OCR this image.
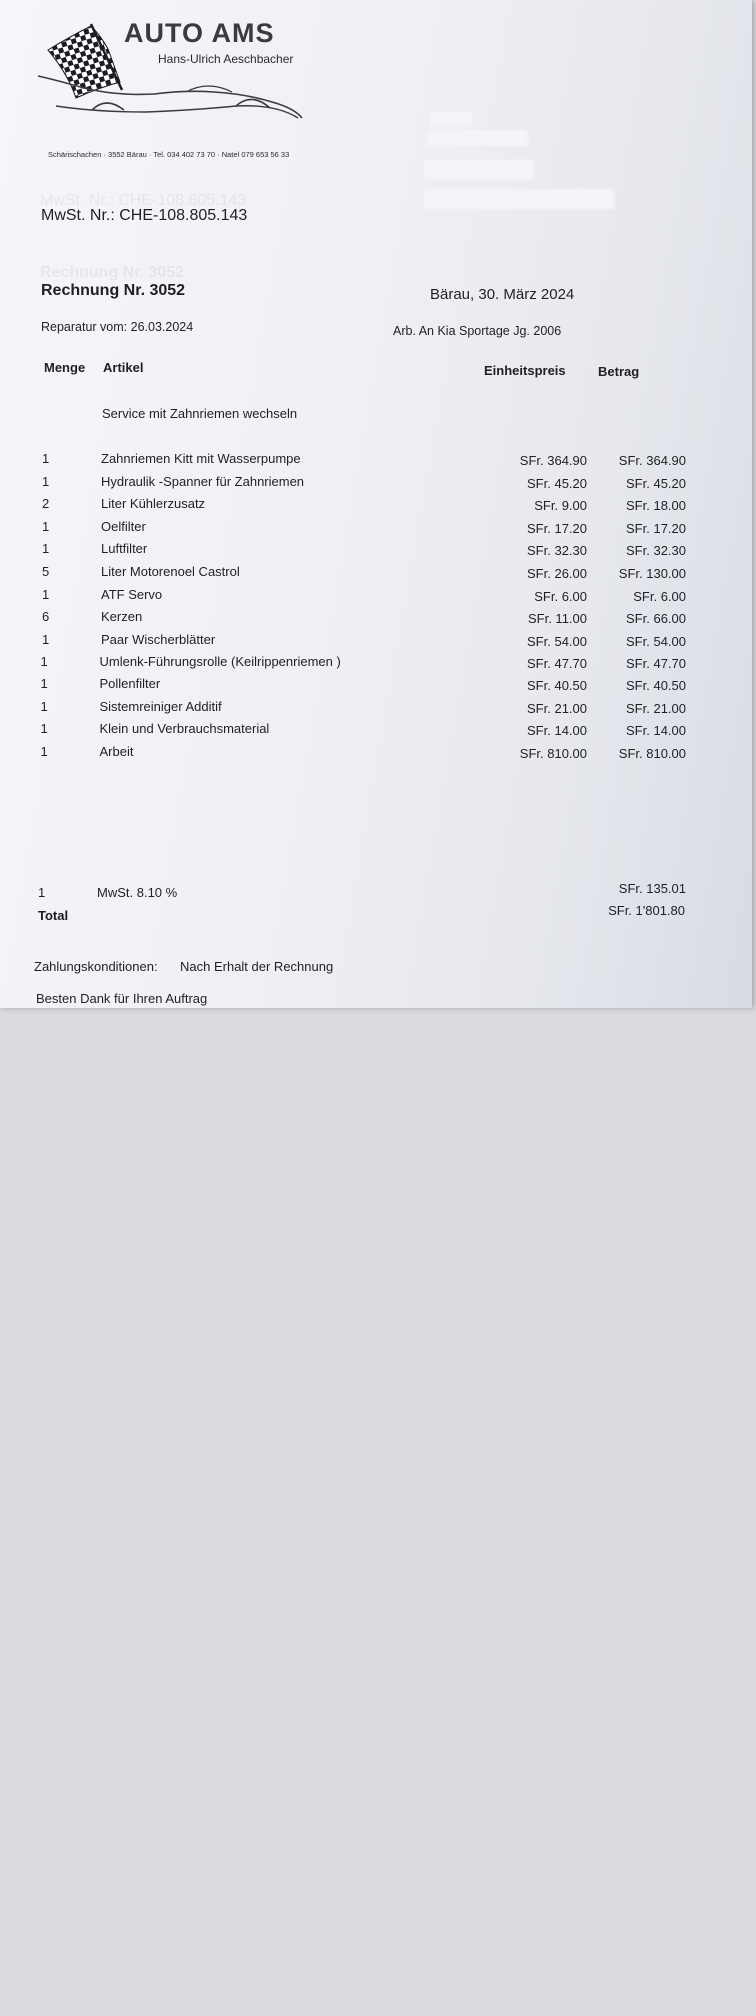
AUTO AMS
Hans-Ulrich Aeschbacher
Schärischachen · 3552 Bärau · Tel. 034 402 73 70 · Natel 079 653 56 33
MwSt. Nr.: CHE-108.805.143
Rechnung Nr. 3052
MwSt. Nr.: CHE-108.805.143
Rechnung Nr. 3052	Bärau, 30. März 2024
Reparatur vom: 26.03.2024	Arb. An Kia Sportage Jg. 2006
Menge Artikel	Einheitspreis Betrag
Service mit Zahnriemen wechseln
1	Zahnriemen Kitt mit Wasserpumpe	SFr. 364.90 SFr. 364.90
1	Hydraulik -Spanner für Zahnriemen	SFr. 45.20	SFr. 45.20
2	Liter Kühlerzusatz	SFr. 9.00	SFr. 18.00
1	Oelfilter	SFr. 17.20	SFr. 17.20
1	Luftfilter	SFr. 32.30	SFr. 32.30
5	Liter Motorenoel Castrol	SFr. 26.00 SFr. 130.00
1	ATF Servo	SFr. 6.00	SFr. 6.00
6	Kerzen	SFr. 11.00	SFr. 66.00
1	Paar Wischerblätter	SFr. 54.00	SFr. 54.00
1	Umlenk-Führungsrolle (Keilrippenriemen )	SFr. 47.70	SFr. 47.70
1	Pollenfilter	SFr. 40.50	SFr. 40.50
1	Sistemreiniger Additif	SFr. 21.00	SFr. 21.00
1	Klein und Verbrauchsmaterial	SFr. 14.00	SFr. 14.00
1	Arbeit	SFr. 810.00 SFr. 810.00
1	MwSt. 8.10 %	SFr. 135.01
Total	SFr. 1'801.80
Zahlungskonditionen: Nach Erhalt der Rechnung
Besten Dank für Ihren Auftrag
